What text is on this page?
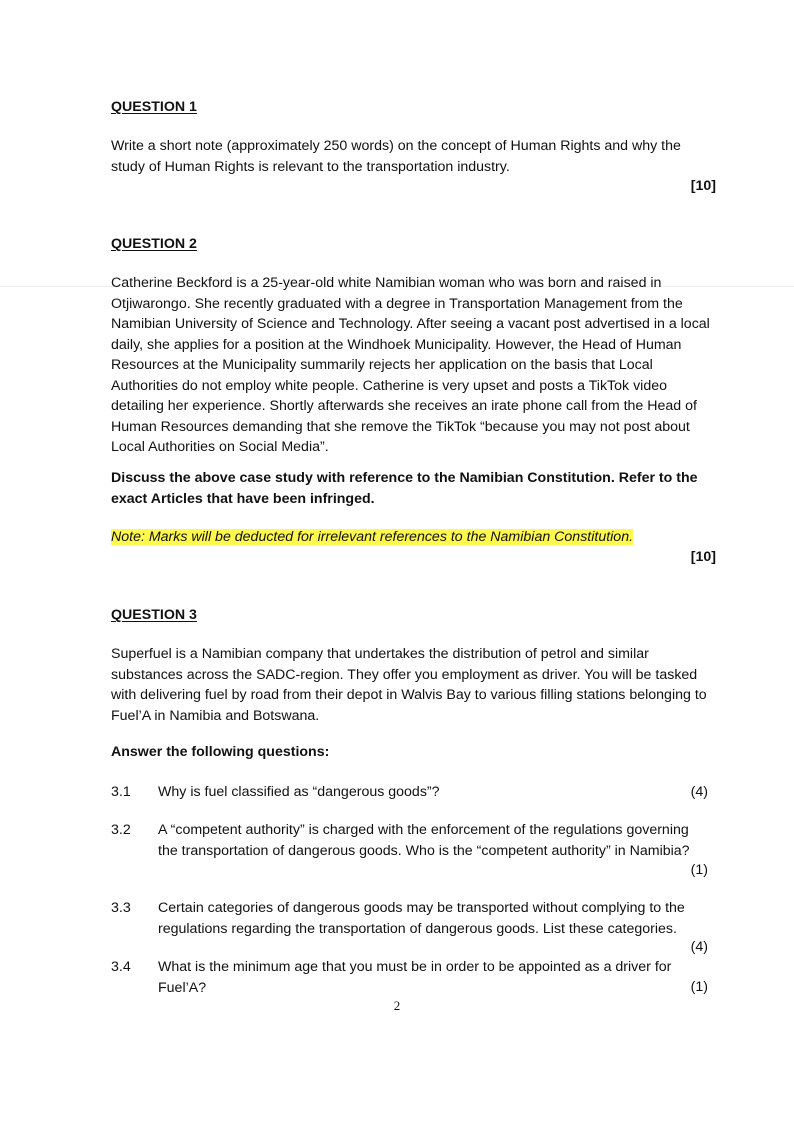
QUESTION 1

Write a short note (approximately 250 words) on the concept of Human Rights and why the study of Human Rights is relevant to the transportation industry.

[10]
QUESTION 2

Catherine Beckford is a 25-year-old white Namibian woman who was born and raised in Otjiwarongo. She recently graduated with a degree in Transportation Management from the Namibian University of Science and Technology. After seeing a vacant post advertised in a local daily, she applies for a position at the Windhoek Municipality. However, the Head of Human Resources at the Municipality summarily rejects her application on the basis that Local Authorities do not employ white people. Catherine is very upset and posts a TikTok video detailing her experience. Shortly afterwards she receives an irate phone call from the Head of Human Resources demanding that she remove the TikTok “because you may not post about Local Authorities on Social Media”.

Discuss the above case study with reference to the Namibian Constitution. Refer to the exact Articles that have been infringed.

Note: Marks will be deducted for irrelevant references to the Namibian Constitution.
[10]
QUESTION 3

Superfuel is a Namibian company that undertakes the distribution of petrol and similar substances across the SADC-region. They offer you employment as driver. You will be tasked with delivering fuel by road from their depot in Walvis Bay to various filling stations belonging to Fuel’A in Namibia and Botswana.

Answer the following questions:
3.1 Why is fuel classified as “dangerous goods”?	(4)
3.2 A “competent authority” is charged with the enforcement of the regulations governing the transportation of dangerous goods. Who is the “competent authority” in Namibia?

(1)
3.3 Certain categories of dangerous goods may be transported without complying to the regulations regarding the transportation of dangerous goods. List these categories.

(4)
3.4 What is the minimum age that you must be in order to be appointed as a driver for Fuel’A?	(1)
2
